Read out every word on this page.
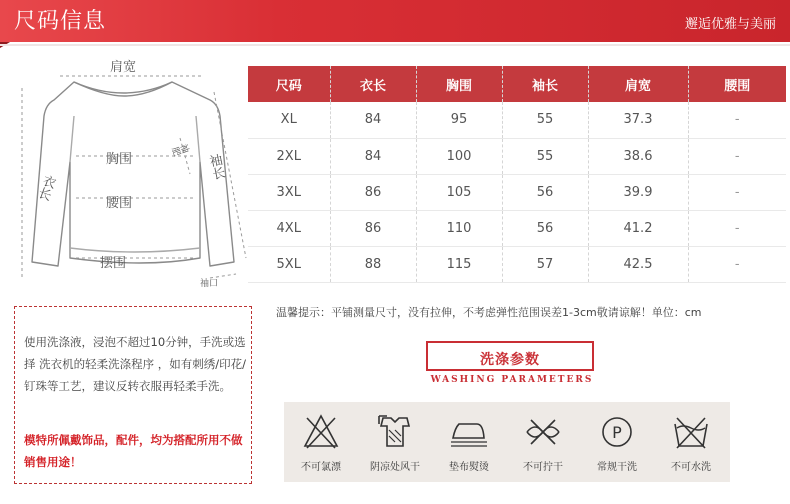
尺码信息	邂逅优雅与美丽
肩宽
胸围
腰围
摆围
衣长
袖长
袖肥
袖口
尺码	衣长	胸围	袖长	肩宽	腰围
XL	84	95	55	37.3	-
2XL	84	100	55	38.6	-
3XL	86	105	56	39.9	-
4XL	86	110	56	41.2	-
5XL	88	115	57	42.5	-
温馨提示：平铺测量尺寸，没有拉伸，不考虑弹性范围误差1-3cm敬请谅解！单位：cm
使用洗涤液，浸泡不超过10分钟，手洗或选择 洗衣机的轻柔洗涤程序 ，如有刺绣/印花/钉珠等工艺，建议反转衣服再轻柔手洗。
模特所佩戴饰品，配件，均为搭配所用不做销售用途！
洗涤参数
WASHING PARAMETERS
不可氯漂	阴凉处风干	垫布熨烫	不可拧干
P
常规干洗	不可水洗
